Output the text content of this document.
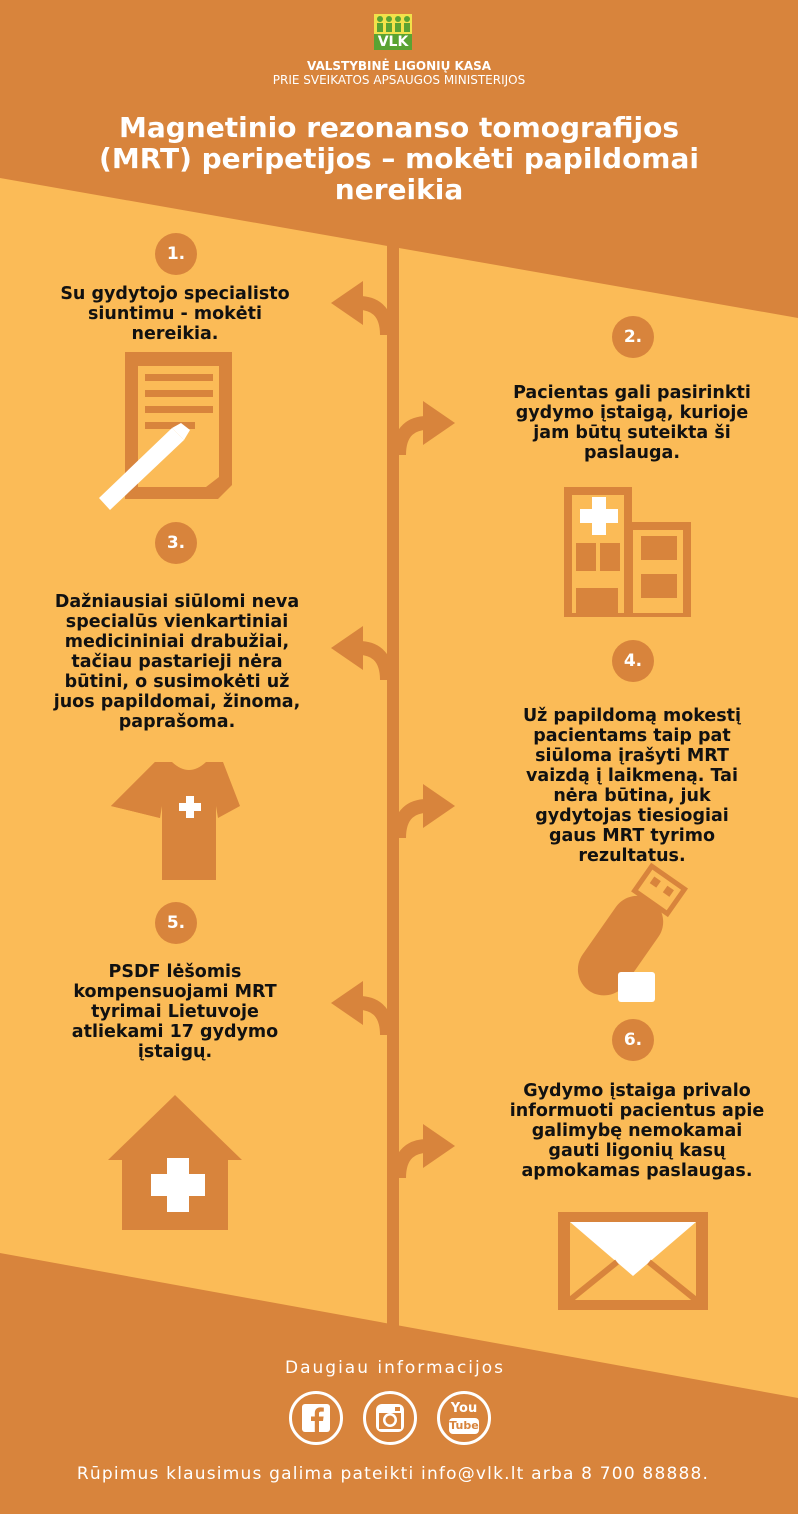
VLK
VALSTYBINĖ LIGONIŲ KASA
PRIE SVEIKATOS APSAUGOS MINISTERIJOS
Magnetinio rezonanso tomografijos
(MRT) peripetijos – mokėti papildomai
nereikia
1.
2.
3.
4.
5.
6.
Su gydytojo specialisto
siuntimu - mokėti
nereikia.
Pacientas gali pasirinkti
gydymo įstaigą, kurioje
jam būtų suteikta ši
paslauga.
Dažniausiai siūlomi neva
specialūs vienkartiniai
medicininiai drabužiai,
tačiau pastarieji nėra
būtini, o susimokėti už
juos papildomai, žinoma,
paprašoma.	Už papildomą mokestį
pacientams taip pat
siūloma įrašyti MRT
vaizdą į laikmeną. Tai
nėra būtina, juk
gydytojas tiesiogiai
gaus MRT tyrimo
rezultatus.
PSDF lėšomis
kompensuojami MRT
tyrimai Lietuvoje
atliekami 17 gydymo
įstaigų.
Gydymo įstaiga privalo
informuoti pacientus apie
galimybę nemokamai
gauti ligonių kasų
apmokamas paslaugas.
Daugiau informacijos
You
Tube
Rūpimus klausimus galima pateikti info@vlk.lt arba 8 700 88888.
